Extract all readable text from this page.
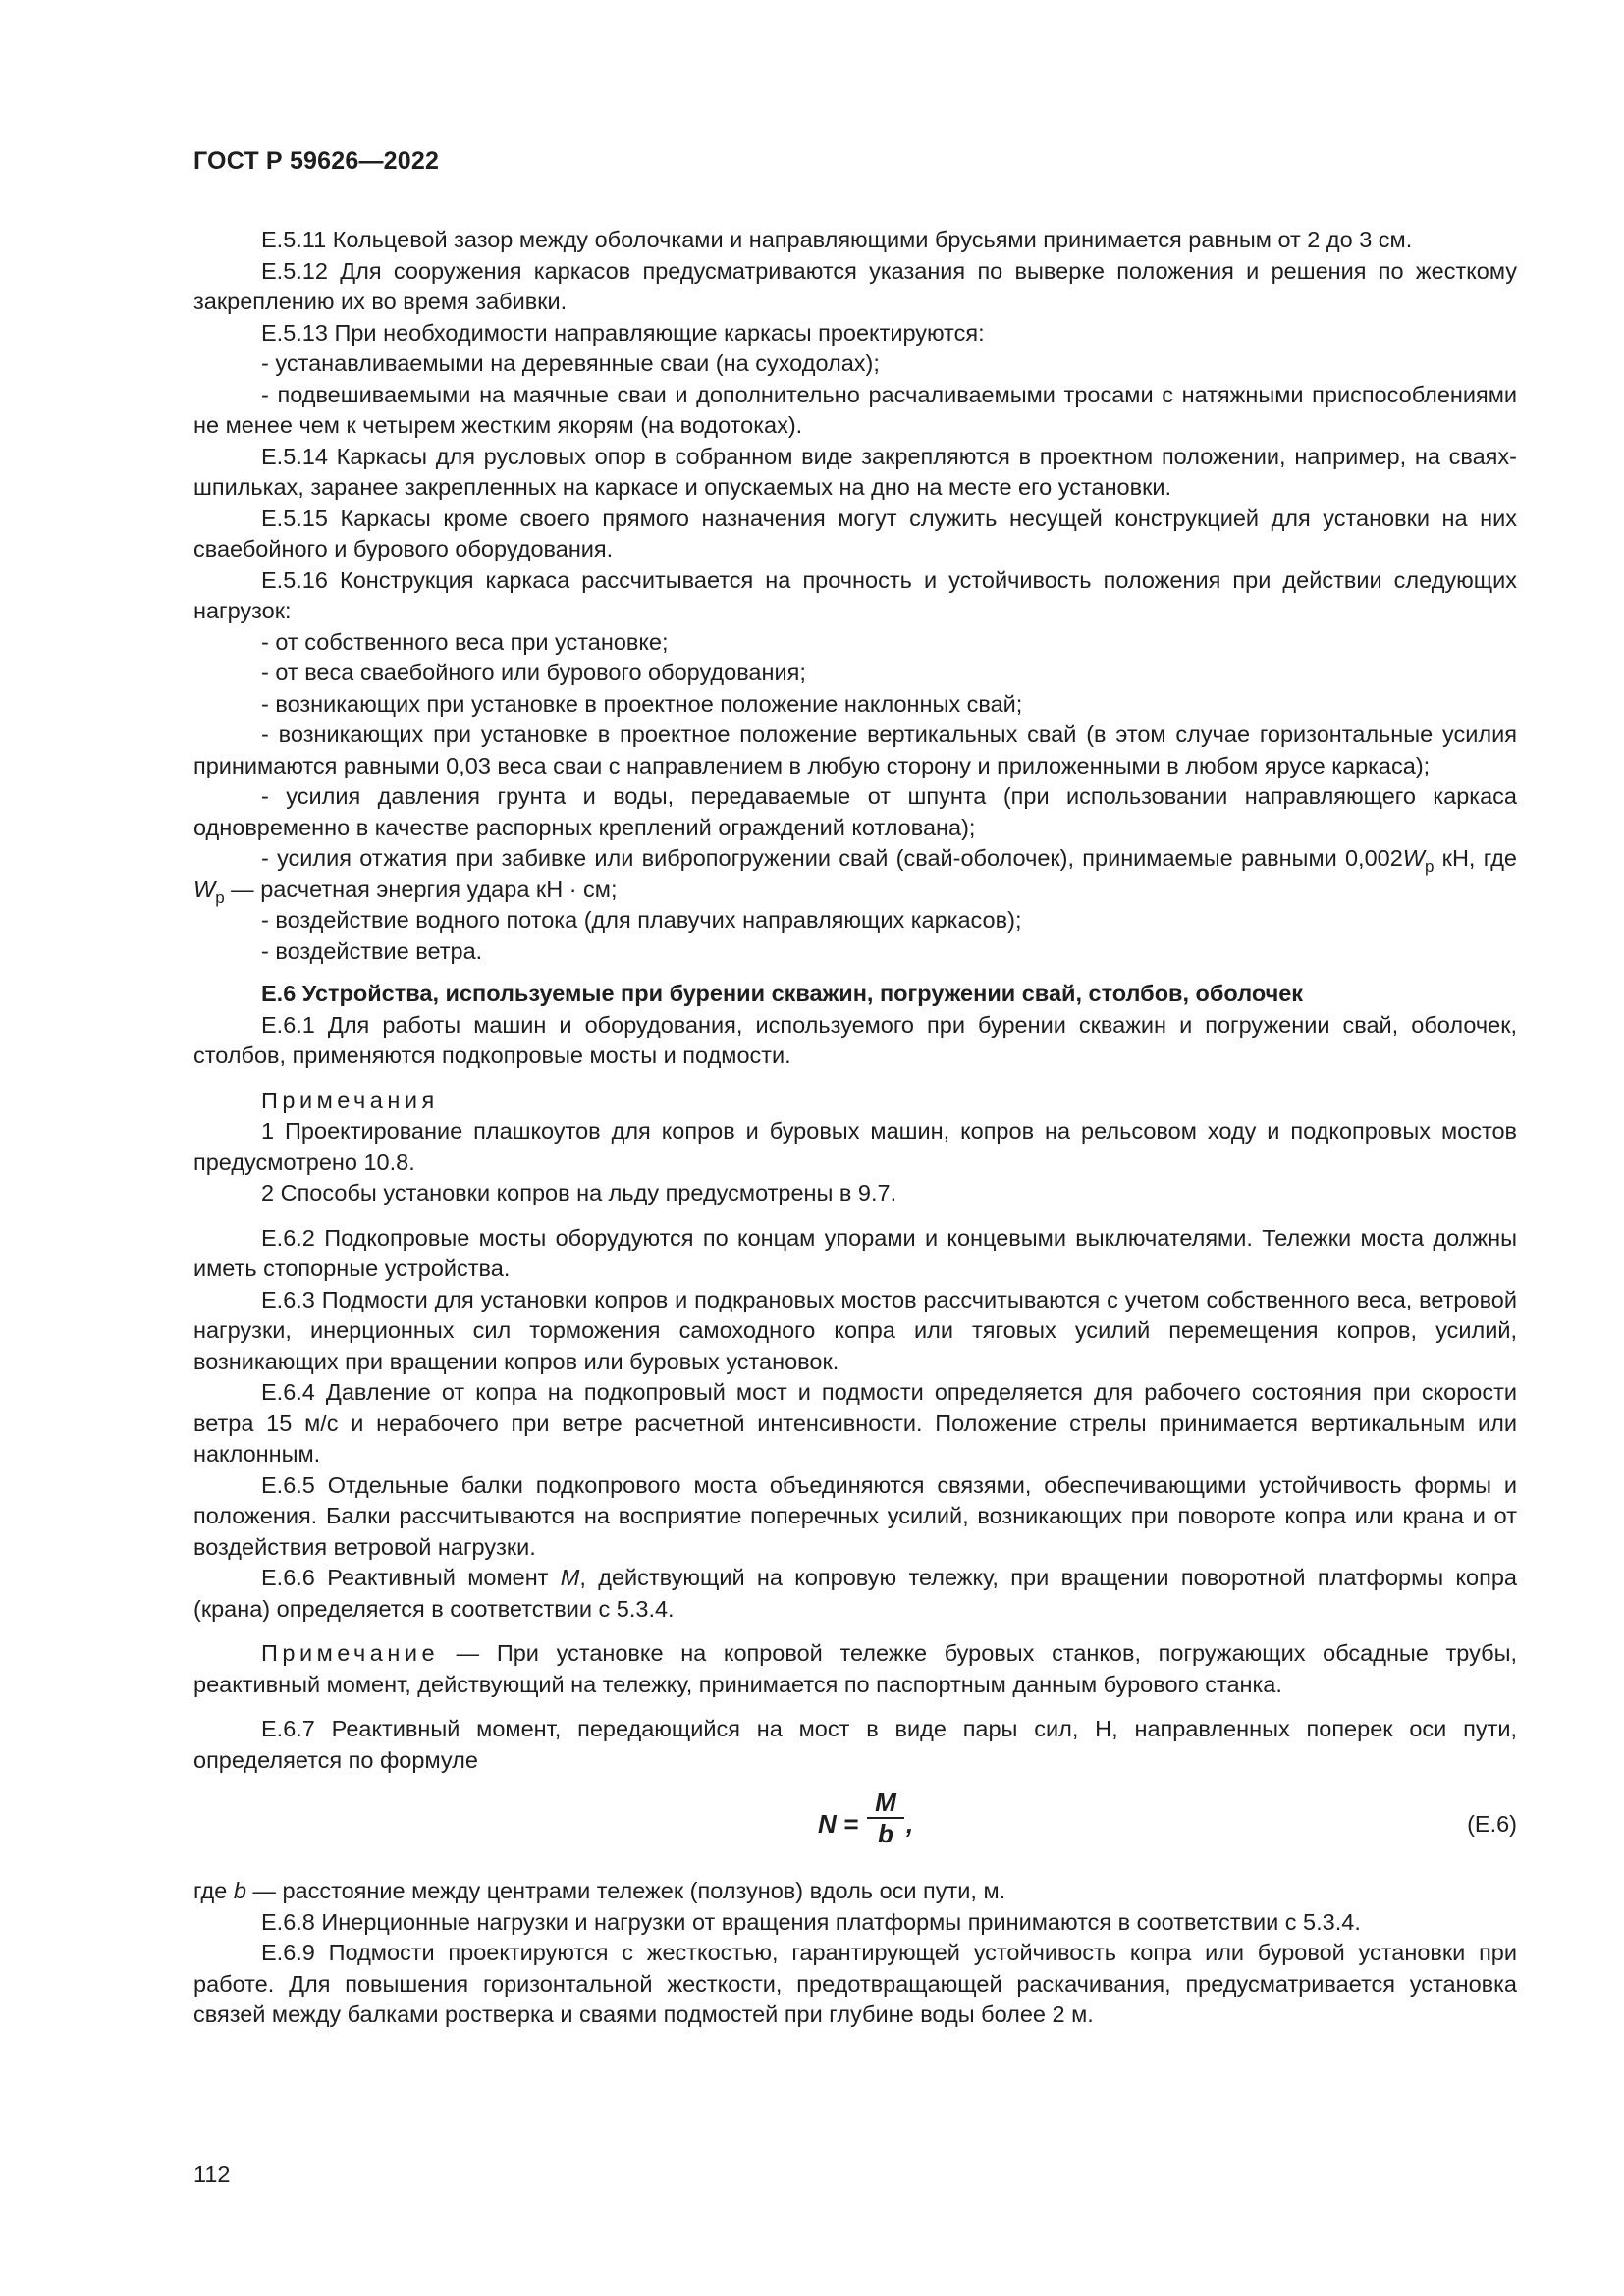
ГОСТ Р 59626—2022

Е.5.11 Кольцевой зазор между оболочками и направляющими брусьями принимается равным от 2 до 3 см.

Е.5.12 Для сооружения каркасов предусматриваются указания по выверке положения и решения по жесткому закреплению их во время забивки.

Е.5.13 При необходимости направляющие каркасы проектируются:

- устанавливаемыми на деревянные сваи (на суходолах);

- подвешиваемыми на маячные сваи и дополнительно расчаливаемыми тросами с натяжными приспособлениями не менее чем к четырем жестким якорям (на водотоках).

Е.5.14 Каркасы для русловых опор в собранном виде закрепляются в проектном положении, например, на сваях-шпильках, заранее закрепленных на каркасе и опускаемых на дно на месте его установки.

Е.5.15 Каркасы кроме своего прямого назначения могут служить несущей конструкцией для установки на них сваебойного и бурового оборудования.

Е.5.16 Конструкция каркаса рассчитывается на прочность и устойчивость положения при действии следующих нагрузок:

- от собственного веса при установке;

- от веса сваебойного или бурового оборудования;

- возникающих при установке в проектное положение наклонных свай;

- возникающих при установке в проектное положение вертикальных свай (в этом случае горизонтальные усилия принимаются равными 0,03 веса сваи с направлением в любую сторону и приложенными в любом ярусе каркаса);

- усилия давления грунта и воды, передаваемые от шпунта (при использовании направляющего каркаса одновременно в качестве распорных креплений ограждений котлована);

- усилия отжатия при забивке или вибропогружении свай (свай-оболочек), принимаемые равными $0,002W_p$ кН, где $W_p$ — расчетная энергия удара кН · см;

- воздействие водного потока (для плавучих направляющих каркасов);

- воздействие ветра.

Е.6 Устройства, используемые при бурении скважин, погружении свай, столбов, оболочек

Е.6.1 Для работы машин и оборудования, используемого при бурении скважин и погружении свай, оболочек, столбов, применяются подкопровые мосты и подмости.

Примечания

1 Проектирование плашкоутов для копров и буровых машин, копров на рельсовом ходу и подкопровых мостов предусмотрено 10.8.

2 Способы установки копров на льду предусмотрены в 9.7.

Е.6.2 Подкопровые мосты оборудуются по концам упорами и концевыми выключателями. Тележки моста должны иметь стопорные устройства.

Е.6.3 Подмости для установки копров и подкрановых мостов рассчитываются с учетом собственного веса, ветровой нагрузки, инерционных сил торможения самоходного копра или тяговых усилий перемещения копров, усилий, возникающих при вращении копров или буровых установок.

Е.6.4 Давление от копра на подкопровый мост и подмости определяется для рабочего состояния при скорости ветра 15 м/с и нерабочего при ветре расчетной интенсивности. Положение стрелы принимается вертикальным или наклонным.

Е.6.5 Отдельные балки подкопрового моста объединяются связями, обеспечивающими устойчивость формы и положения. Балки рассчитываются на восприятие поперечных усилий, возникающих при повороте копра или крана и от воздействия ветровой нагрузки.

Е.6.6 Реактивный момент M, действующий на копровую тележку, при вращении поворотной платформы копра (крана) определяется в соответствии с 5.3.4.

Примечание — При установке на копровой тележке буровых станков, погружающих обсадные трубы, реактивный момент, действующий на тележку, принимается по паспортным данным бурового станка.

Е.6.7 Реактивный момент, передающийся на мост в виде пары сил, Н, направленных поперек оси пути, определяется по формуле

N =
M
b ,	(Е.6)

где b — расстояние между центрами тележек (ползунов) вдоль оси пути, м.

Е.6.8 Инерционные нагрузки и нагрузки от вращения платформы принимаются в соответствии с 5.3.4.

Е.6.9 Подмости проектируются с жесткостью, гарантирующей устойчивость копра или буровой установки при работе. Для повышения горизонтальной жесткости, предотвращающей раскачивания, предусматривается установка связей между балками ростверка и сваями подмостей при глубине воды более 2 м.

112
